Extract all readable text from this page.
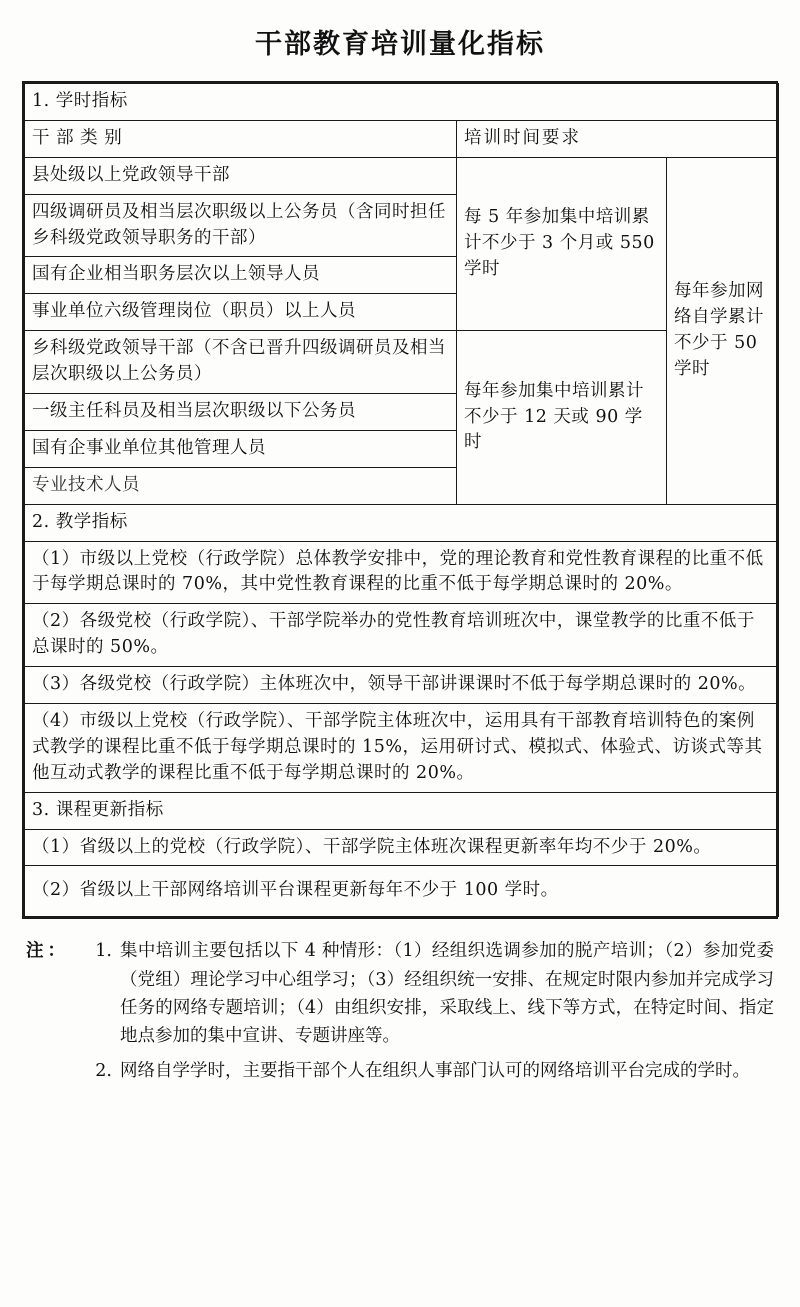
干部教育培训量化指标
1. 学时指标		
干 部 类 别	培训时间要求	
县处级以上党政领导干部	每 5 年参加集中培训累计不少于 3 个月或 550 学时	每年参加网络自学累计不少于 50 学时
四级调研员及相当层次职级以上公务员（含同时担任乡科级党政领导职务的干部）		
国有企业相当职务层次以上领导人员		
事业单位六级管理岗位（职员）以上人员		
乡科级党政领导干部（不含已晋升四级调研员及相当层次职级以上公务员）	每年参加集中培训累计不少于 12 天或 90 学时	
一级主任科员及相当层次职级以下公务员		
国有企事业单位其他管理人员		
专业技术人员		
2. 教学指标		
（1）市级以上党校（行政学院）总体教学安排中，党的理论教育和党性教育课程的比重不低于每学期总课时的 70%，其中党性教育课程的比重不低于每学期总课时的 20%。		
（2）各级党校（行政学院）、干部学院举办的党性教育培训班次中，课堂教学的比重不低于总课时的 50%。		
（3）各级党校（行政学院）主体班次中，领导干部讲课课时不低于每学期总课时的 20%。		
（4）市级以上党校（行政学院）、干部学院主体班次中，运用具有干部教育培训特色的案例式教学的课程比重不低于每学期总课时的 15%，运用研讨式、模拟式、体验式、访谈式等其他互动式教学的课程比重不低于每学期总课时的 20%。		
3. 课程更新指标		
（1）省级以上的党校（行政学院）、干部学院主体班次课程更新率年均不少于 20%。		
（2）省级以上干部网络培训平台课程更新每年不少于 100 学时。		
注：	1. 集中培训主要包括以下 4 种情形：（1）经组织选调参加的脱产培训；（2）参加党委（党组）理论学习中心组学习；（3）经组织统一安排、在规定时限内参加并完成学习任务的网络专题培训；（4）由组织安排，采取线上、线下等方式，在特定时间、指定地点参加的集中宣讲、专题讲座等。
2. 网络自学学时，主要指干部个人在组织人事部门认可的网络培训平台完成的学时。
